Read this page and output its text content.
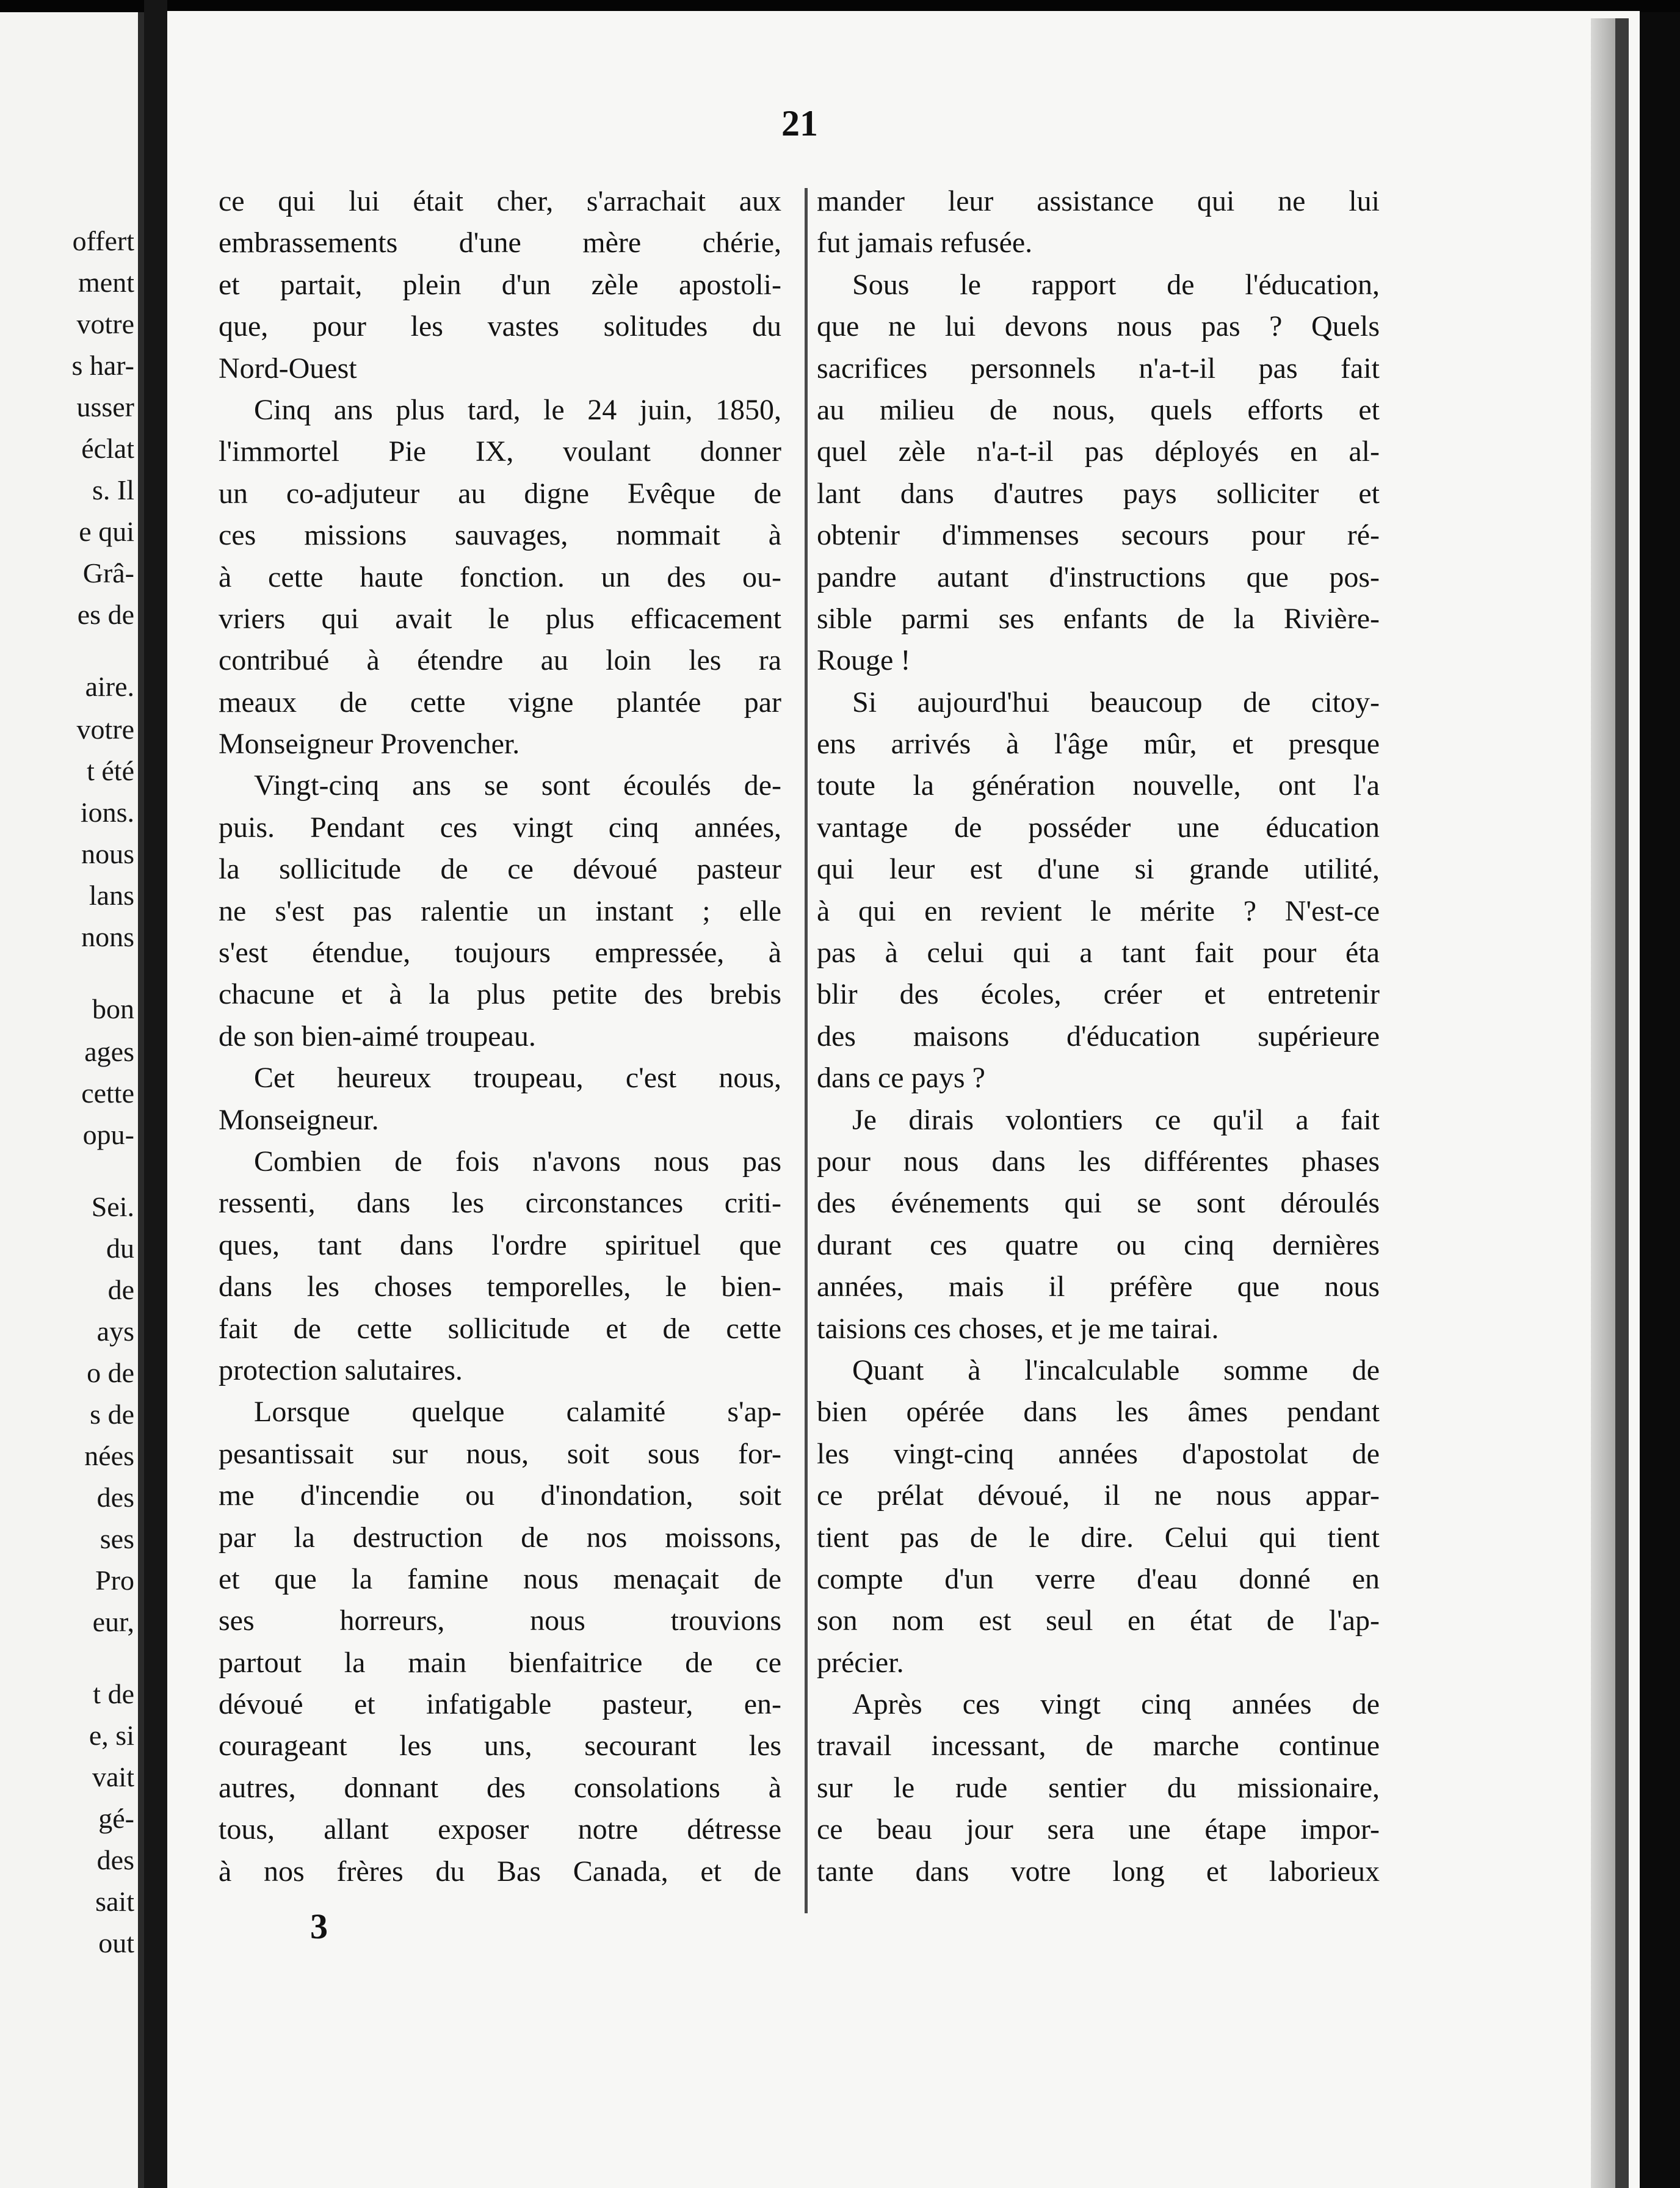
offert
ment
votre
s har-
usser
éclat
s. Il
e qui
Grâ-
es de
aire.
votre
t été
ions.
nous
lans
nons
bon
ages
cette
opu-
Sei.
du
de
ays
o de
s de
nées
des
ses
Pro
eur,
t de
e, si
vait
gé-
des
sait
out
21
ce qui lui était cher, s'arrachait aux
embrassements d'une mère chérie,
et partait, plein d'un zèle apostoli-
que, pour les vastes solitudes du
Nord-Ouest
Cinq ans plus tard, le 24 juin, 1850,
l'immortel Pie IX, voulant donner
un co-adjuteur au digne Evêque de
ces missions sauvages, nommait à
à cette haute fonction. un des ou-
vriers qui avait le plus efficacement
contribué à étendre au loin les ra
meaux de cette vigne plantée par
Monseigneur Provencher.
Vingt-cinq ans se sont écoulés de-
puis. Pendant ces vingt cinq années,
la sollicitude de ce dévoué pasteur
ne s'est pas ralentie un instant ; elle
s'est étendue, toujours empressée, à
chacune et à la plus petite des brebis
de son bien-aimé troupeau.
Cet heureux troupeau, c'est nous,
Monseigneur.
Combien de fois n'avons nous pas
ressenti, dans les circonstances criti-
ques, tant dans l'ordre spirituel que
dans les choses temporelles, le bien-
fait de cette sollicitude et de cette
protection salutaires.
Lorsque quelque calamité s'ap-
pesantissait sur nous, soit sous for-
me d'incendie ou d'inondation, soit
par la destruction de nos moissons,
et que la famine nous menaçait de
ses horreurs, nous trouvions
partout la main bienfaitrice de ce
dévoué et infatigable pasteur, en-
courageant les uns, secourant les
autres, donnant des consolations à
tous, allant exposer notre détresse
à nos frères du Bas Canada, et de
mander leur assistance qui ne lui
fut jamais refusée.
Sous le rapport de l'éducation,
que ne lui devons nous pas ? Quels
sacrifices personnels n'a-t-il pas fait
au milieu de nous, quels efforts et
quel zèle n'a-t-il pas déployés en al-
lant dans d'autres pays solliciter et
obtenir d'immenses secours pour ré-
pandre autant d'instructions que pos-
sible parmi ses enfants de la Rivière-
Rouge !
Si aujourd'hui beaucoup de citoy-
ens arrivés à l'âge mûr, et presque
toute la génération nouvelle, ont l'a
vantage de posséder une éducation
qui leur est d'une si grande utilité,
à qui en revient le mérite ? N'est-ce
pas à celui qui a tant fait pour éta
blir des écoles, créer et entretenir
des maisons d'éducation supérieure
dans ce pays ?
Je dirais volontiers ce qu'il a fait
pour nous dans les différentes phases
des événements qui se sont déroulés
durant ces quatre ou cinq dernières
années, mais il préfère que nous
taisions ces choses, et je me tairai.
Quant à l'incalculable somme de
bien opérée dans les âmes pendant
les vingt-cinq années d'apostolat de
ce prélat dévoué, il ne nous appar-
tient pas de le dire. Celui qui tient
compte d'un verre d'eau donné en
son nom est seul en état de l'ap-
précier.
Après ces vingt cinq années de
travail incessant, de marche continue
sur le rude sentier du missionaire,
ce beau jour sera une étape impor-
tante dans votre long et laborieux
3
